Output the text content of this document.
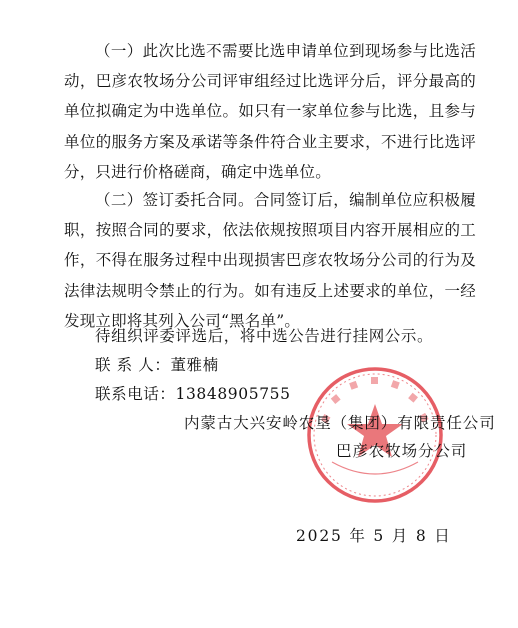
（一）此次比选不需要比选申请单位到现场参与比选活动，巴彦农牧场分公司评审组经过比选评分后，评分最高的单位拟确定为中选单位。如只有一家单位参与比选，且参与单位的服务方案及承诺等条件符合业主要求，不进行比选评分，只进行价格磋商，确定中选单位。
（二）签订委托合同。合同签订后，编制单位应积极履职，按照合同的要求，依法依规按照项目内容开展相应的工作，不得在服务过程中出现损害巴彦农牧场分公司的行为及法律法规明令禁止的行为。如有违反上述要求的单位，一经发现立即将其列入公司“黑名单”。
待组织评委评选后，将中选公告进行挂网公示。
联 系 人：董雅楠
联系电话：13848905755
内蒙古大兴安岭农垦（集团）有限责任公司
巴彦农牧场分公司
2025 年 5 月 8 日
